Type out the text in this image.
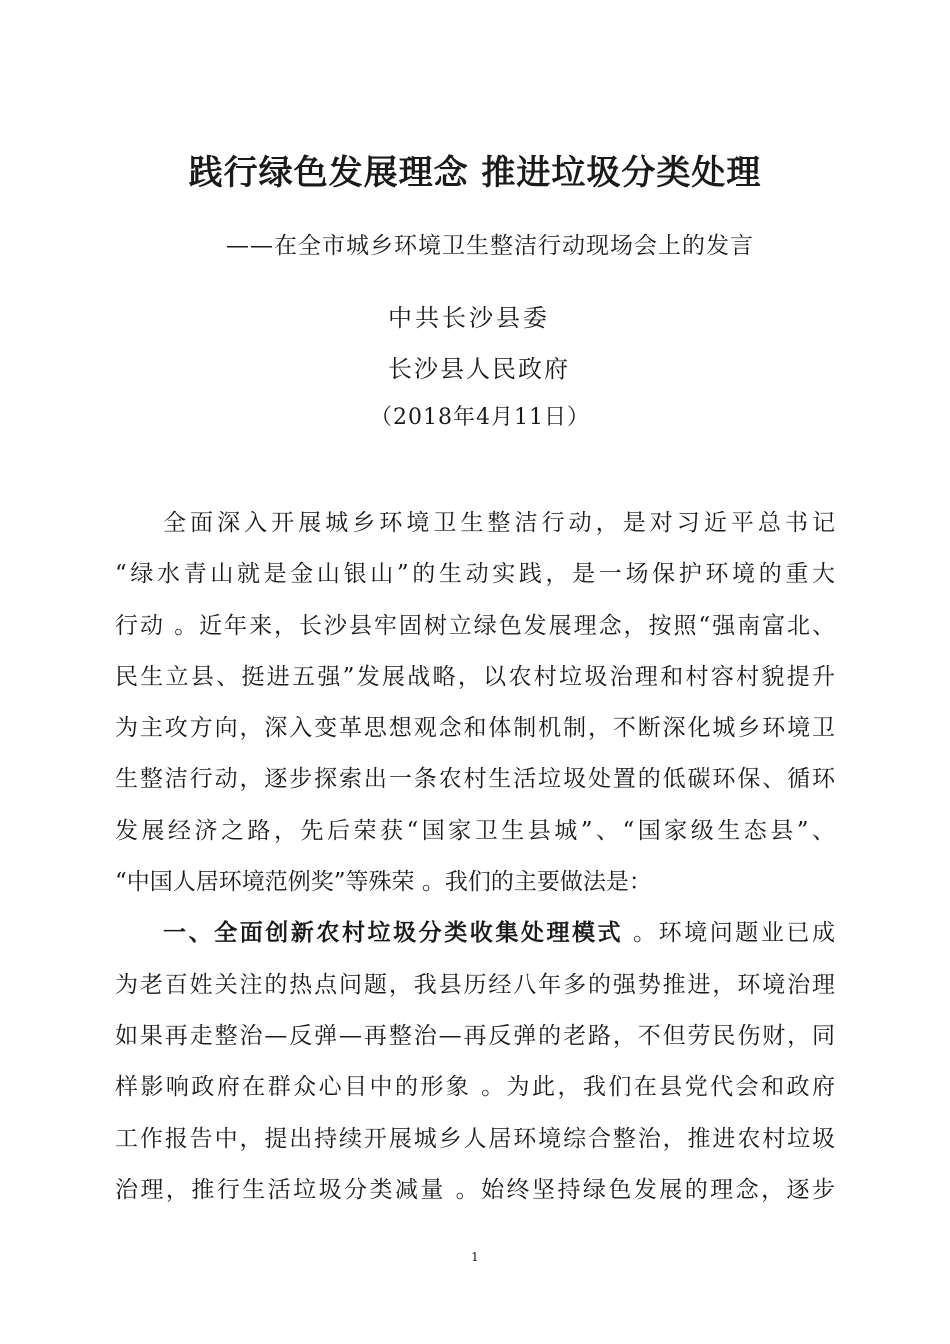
践行绿色发展理念 推进垃圾分类处理
——在全市城乡环境卫生整洁行动现场会上的发言
中共长沙县委
长沙县人民政府
（2018年4月11日）
全面深入开展城乡环境卫生整洁行动，是对习近平总书记
“绿水青山就是金山银山”的生动实践，是一场保护环境的重大
行动 。近年来，长沙县牢固树立绿色发展理念，按照“强南富北、
民生立县、挺进五强”发展战略，以农村垃圾治理和村容村貌提升
为主攻方向，深入变革思想观念和体制机制，不断深化城乡环境卫
生整洁行动，逐步探索出一条农村生活垃圾处置的低碳环保、循环
发展经济之路，先后荣获“国家卫生县城”、“国家级生态县”、
“中国人居环境范例奖”等殊荣 。我们的主要做法是：
一、全面创新农村垃圾分类收集处理模式 。环境问题业已成
为老百姓关注的热点问题，我县历经八年多的强势推进，环境治理
如果再走整治—反弹—再整治—再反弹的老路，不但劳民伤财，同
样影响政府在群众心目中的形象 。为此，我们在县党代会和政府
工作报告中，提出持续开展城乡人居环境综合整治，推进农村垃圾
治理，推行生活垃圾分类减量 。始终坚持绿色发展的理念，逐步
1
